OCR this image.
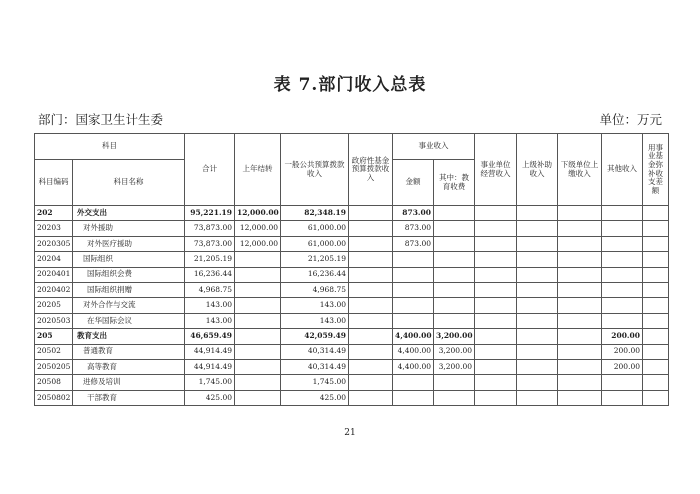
表 7.部门收入总表
部门：国家卫生计生委	单位：万元
科目		合计	上年结转	一般公共预算拨款收入	政府性基金预算拨款收入	事业收入		事业单位经营收入	上级补助收入	下级单位上缴收入	其他收入	用事业基金弥补收支差额
科目编码	科目名称					金额	其中：教育收费					
202	外交支出	95,221.19	12,000.00	82,348.19		873.00						
20203	对外援助	73,873.00	12,000.00	61,000.00		873.00						
2020305	对外医疗援助	73,873.00	12,000.00	61,000.00		873.00						
20204	国际组织	21,205.19		21,205.19								
2020401	国际组织会费	16,236.44		16,236.44								
2020402	国际组织捐赠	4,968.75		4,968.75								
20205	对外合作与交流	143.00		143.00								
2020503	在华国际会议	143.00		143.00								
205	教育支出	46,659.49		42,059.49		4,400.00	3,200.00				200.00	
20502	普通教育	44,914.49		40,314.49		4,400.00	3,200.00				200.00	
2050205	高等教育	44,914.49		40,314.49		4,400.00	3,200.00				200.00	
20508	进修及培训	1,745.00		1,745.00								
2050802	干部教育	425.00		425.00								
21
